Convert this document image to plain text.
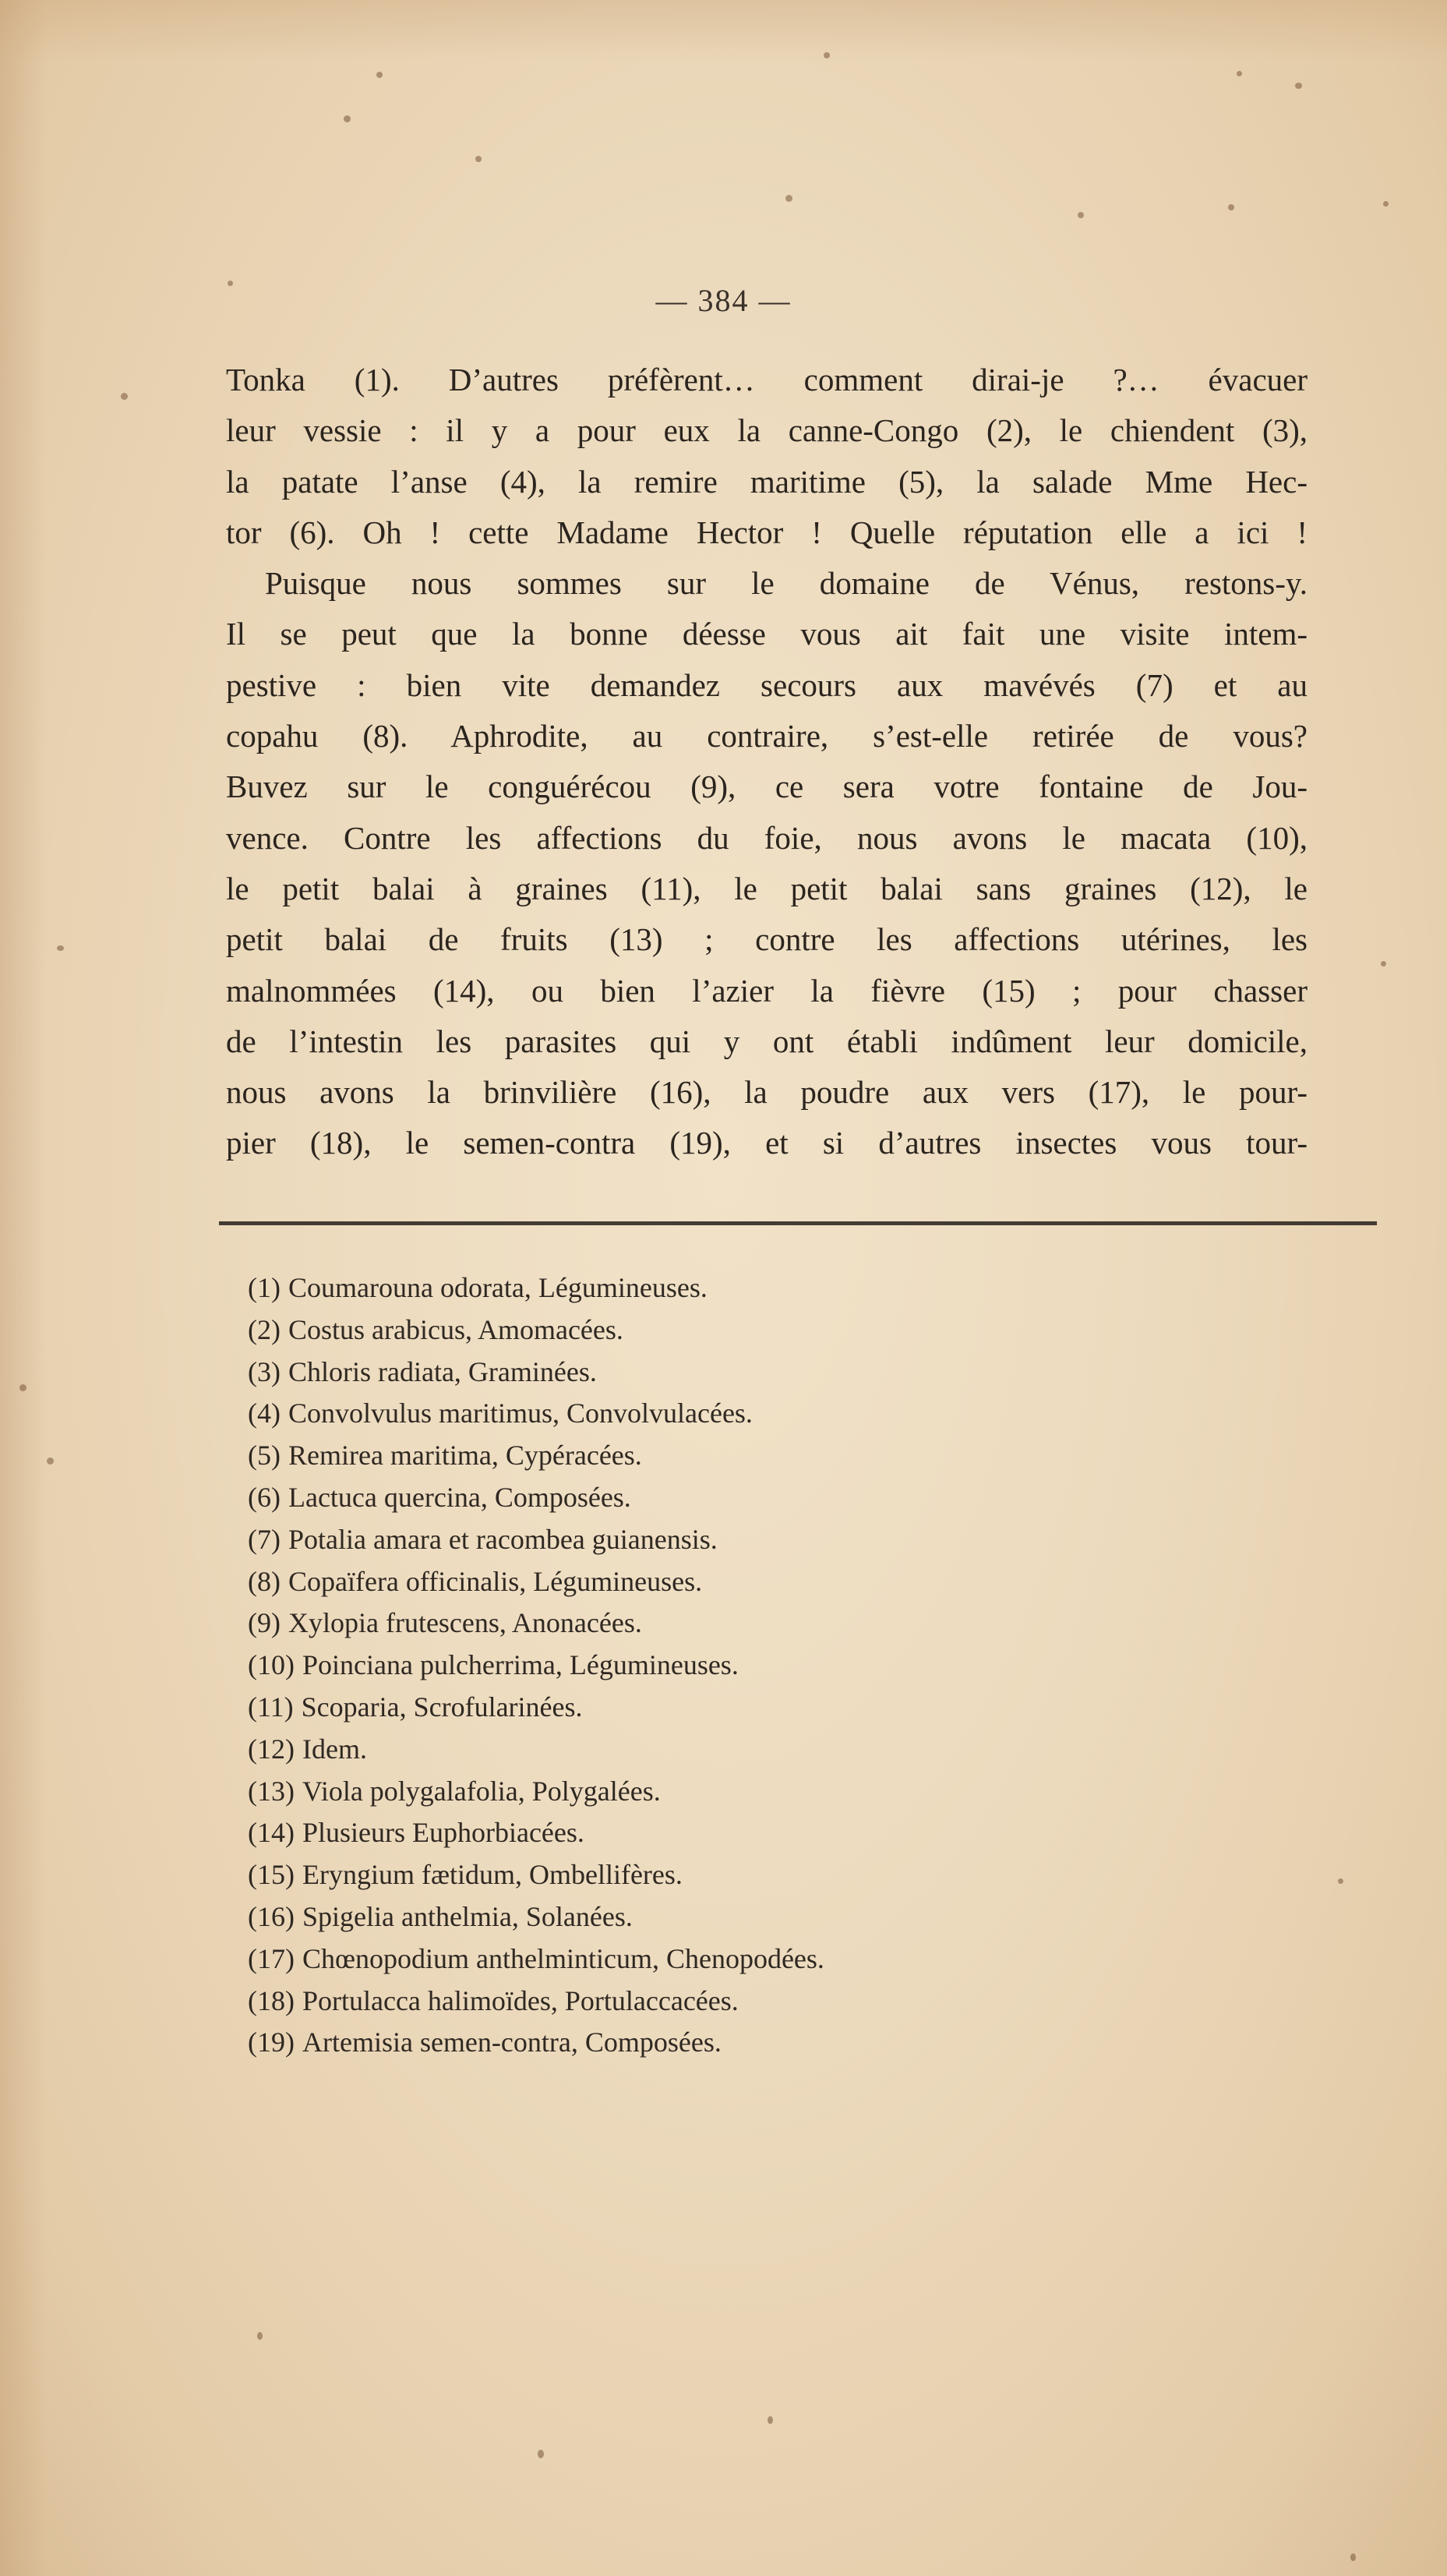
— 384 —
Tonka (1). D’autres préfèrent… comment dirai-je ?… évacuer
leur vessie : il y a pour eux la canne-Congo (2), le chiendent (3),
la patate l’anse (4), la remire maritime (5), la salade Mme Hec-
tor (6). Oh ! cette Madame Hector ! Quelle réputation elle a ici !
Puisque nous sommes sur le domaine de Vénus, restons-y.
Il se peut que la bonne déesse vous ait fait une visite intem-
pestive : bien vite demandez secours aux mavévés (7) et au
copahu (8). Aphrodite, au contraire, s’est-elle retirée de vous?
Buvez sur le conguérécou (9), ce sera votre fontaine de Jou-
vence. Contre les affections du foie, nous avons le macata (10),
le petit balai à graines (11), le petit balai sans graines (12), le
petit balai de fruits (13) ; contre les affections utérines, les
malnommées (14), ou bien l’azier la fièvre (15) ; pour chasser
de l’intestin les parasites qui y ont établi indûment leur domicile,
nous avons la brinvilière (16), la poudre aux vers (17), le pour-
pier (18), le semen-contra (19), et si d’autres insectes vous tour-
(1) Coumarouna odorata, Légumineuses.
(2) Costus arabicus, Amomacées.
(3) Chloris radiata, Graminées.
(4) Convolvulus maritimus, Convolvulacées.
(5) Remirea maritima, Cypéracées.
(6) Lactuca quercina, Composées.
(7) Potalia amara et racombea guianensis.
(8) Copaïfera officinalis, Légumineuses.
(9) Xylopia frutescens, Anonacées.
(10) Poinciana pulcherrima, Légumineuses.
(11) Scoparia, Scrofularinées.
(12) Idem.
(13) Viola polygalafolia, Polygalées.
(14) Plusieurs Euphorbiacées.
(15) Eryngium fætidum, Ombellifères.
(16) Spigelia anthelmia, Solanées.
(17) Chœnopodium anthelminticum, Chenopodées.
(18) Portulacca halimoïdes, Portulaccacées.
(19) Artemisia semen-contra, Composées.
